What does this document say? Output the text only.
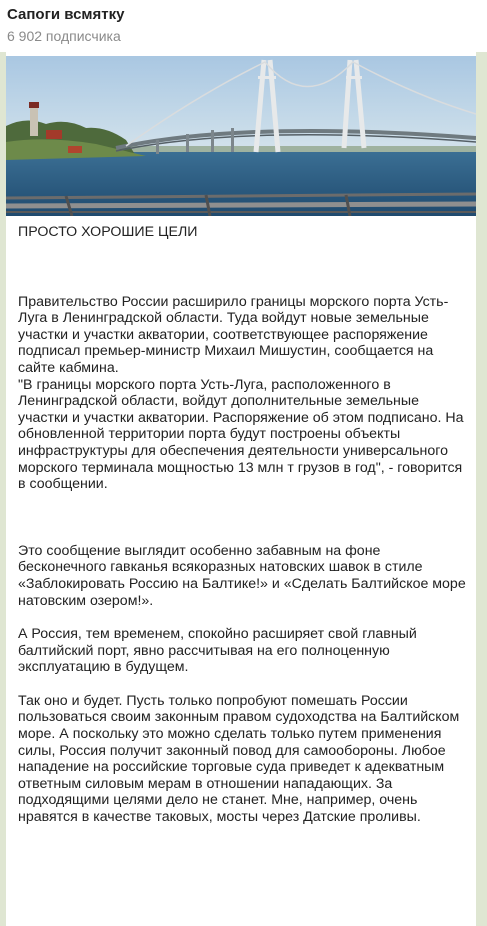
Сапоги всмятку
6 902 подписчика

ПРОСТО ХОРОШИЕ ЦЕЛИ

Правительство России расширило границы морского порта Усть-Луга в Ленинградской области. Туда войдут новые земельные участки и участки акватории, соответствующее распоряжение подписал премьер-министр Михаил Мишустин, сообщается на сайте кабмина.
"В границы морского порта Усть-Луга, расположенного в Ленинградской области, войдут дополнительные земельные участки и участки акватории. Распоряжение об этом подписано. На обновленной территории порта будут построены объекты инфраструктуры для обеспечения деятельности универсального морского терминала мощностью 13 млн т грузов в год", - говорится в сообщении.

Это сообщение выглядит особенно забавным на фоне бесконечного гавканья всякоразных натовских шавок в стиле «Заблокировать Россию на Балтике!» и «Сделать Балтийское море натовским озером!».

А Россия, тем временем, спокойно расширяет свой главный балтийский порт, явно рассчитывая на его полноценную эксплуатацию в будущем.

Так оно и будет. Пусть только попробуют помешать России пользоваться своим законным правом судоходства на Балтийском море. А поскольку это можно сделать только путем применения силы, Россия получит законный повод для самообороны. Любое нападение на российские торговые суда приведет к адекватным ответным силовым мерам в отношении нападающих. За подходящими целями дело не станет. Мне, например, очень нравятся в качестве таковых, мосты через Датские проливы.
